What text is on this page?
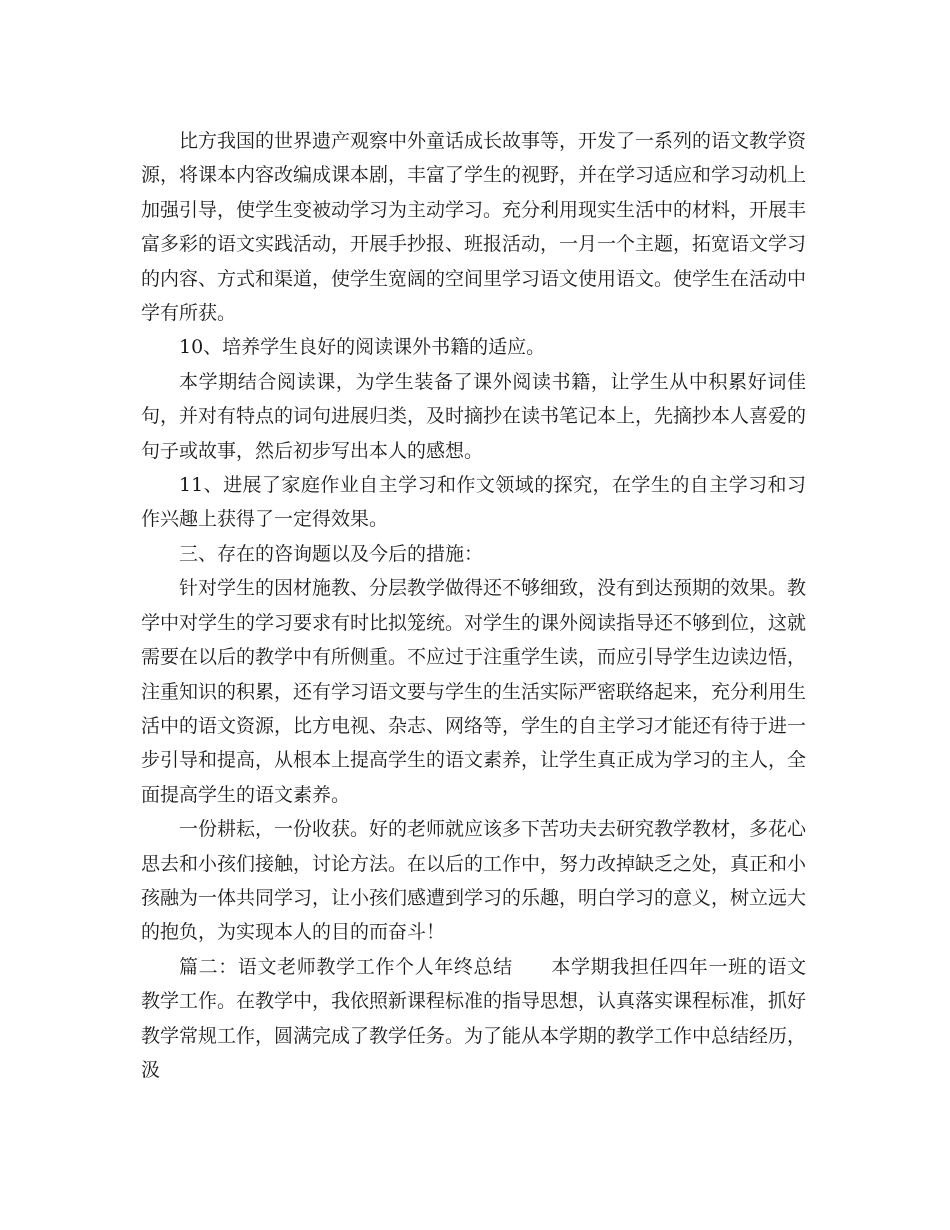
比方我国的世界遗产观察中外童话成长故事等，开发了一系列的语文教学资源，将课本内容改编成课本剧，丰富了学生的视野，并在学习适应和学习动机上加强引导，使学生变被动学习为主动学习。充分利用现实生活中的材料，开展丰富多彩的语文实践活动，开展手抄报、班报活动，一月一个主题，拓宽语文学习的内容、方式和渠道，使学生宽阔的空间里学习语文使用语文。使学生在活动中学有所获。

10、培养学生良好的阅读课外书籍的适应。

本学期结合阅读课，为学生装备了课外阅读书籍，让学生从中积累好词佳句，并对有特点的词句进展归类，及时摘抄在读书笔记本上，先摘抄本人喜爱的句子或故事，然后初步写出本人的感想。

11、进展了家庭作业自主学习和作文领域的探究，在学生的自主学习和习作兴趣上获得了一定得效果。

三、存在的咨询题以及今后的措施：

针对学生的因材施教、分层教学做得还不够细致，没有到达预期的效果。教学中对学生的学习要求有时比拟笼统。对学生的课外阅读指导还不够到位，这就需要在以后的教学中有所侧重。不应过于注重学生读，而应引导学生边读边悟，注重知识的积累，还有学习语文要与学生的生活实际严密联络起来，充分利用生活中的语文资源，比方电视、杂志、网络等，学生的自主学习才能还有待于进一步引导和提高，从根本上提高学生的语文素养，让学生真正成为学习的主人，全面提高学生的语文素养。

一份耕耘，一份收获。好的老师就应该多下苦功夫去研究教学教材，多花心思去和小孩们接触，讨论方法。在以后的工作中，努力改掉缺乏之处，真正和小孩融为一体共同学习，让小孩们感遭到学习的乐趣，明白学习的意义，树立远大的抱负，为实现本人的目的而奋斗！

篇二：语文老师教学工作个人年终总结 本学期我担任四年一班的语文教学工作。在教学中，我依照新课程标准的指导思想，认真落实课程标准，抓好教学常规工作，圆满完成了教学任务。为了能从本学期的教学工作中总结经历，汲
